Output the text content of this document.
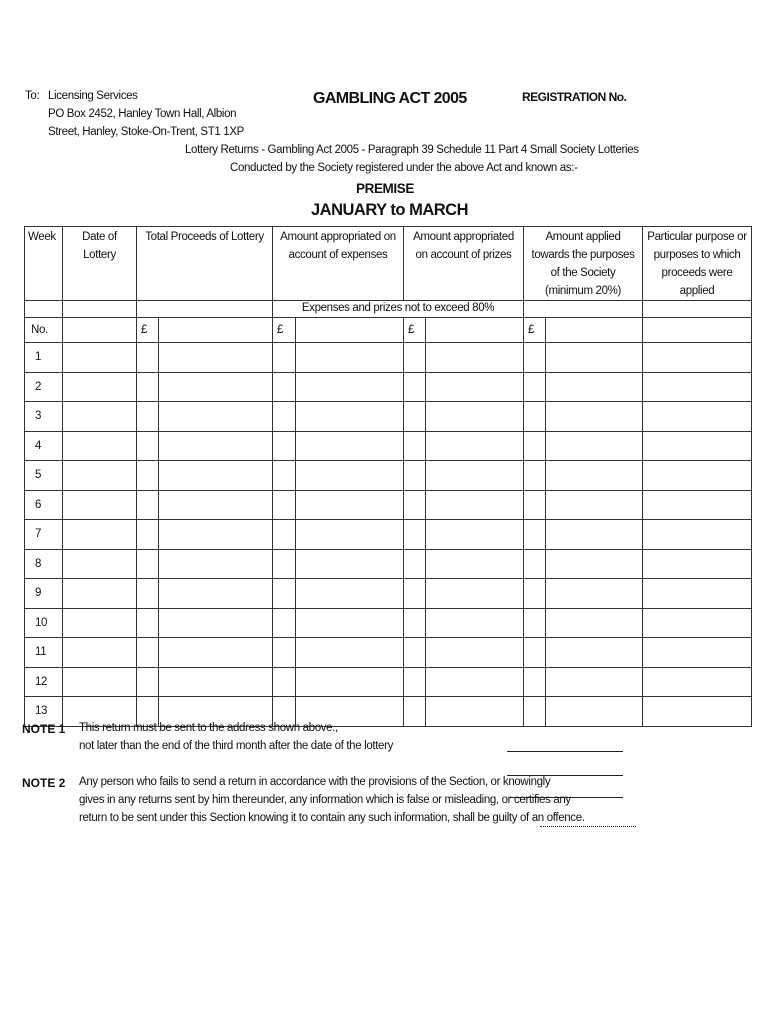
To: Licensing Services
PO Box 2452, Hanley Town Hall, Albion
Street, Hanley, Stoke-On-Trent, ST1 1XP
GAMBLING ACT 2005	REGISTRATION No.
Lottery Returns - Gambling Act 2005 - Paragraph 39 Schedule 11 Part 4 Small Society Lotteries
Conducted by the Society registered under the above Act and known as:-
PREMISE
JANUARY to MARCH
Week	Date of Lottery	Total Proceeds of Lottery		Amount appropriated on account of expenses		Amount appropriated on account of prizes		Amount applied towards the purposes of the Society (minimum 20%)		Particular purpose or purposes to which proceeds were applied
				Expenses and prizes not to exceed 80%						
No.		£		£		£		£		
1										
2										
3										
4										
5										
6										
7										
8										
9										
10										
11										
12										
13										
NOTE 1 This return must be sent to the address shown above.,
not later than the end of the third month after the date of the lottery
NOTE 2 Any person who fails to send a return in accordance with the provisions of the Section, or knowingly
gives in any returns sent by him thereunder, any information which is false or misleading, or certifies any
return to be sent under this Section knowing it to contain any such information, shall be guilty of an offence.
